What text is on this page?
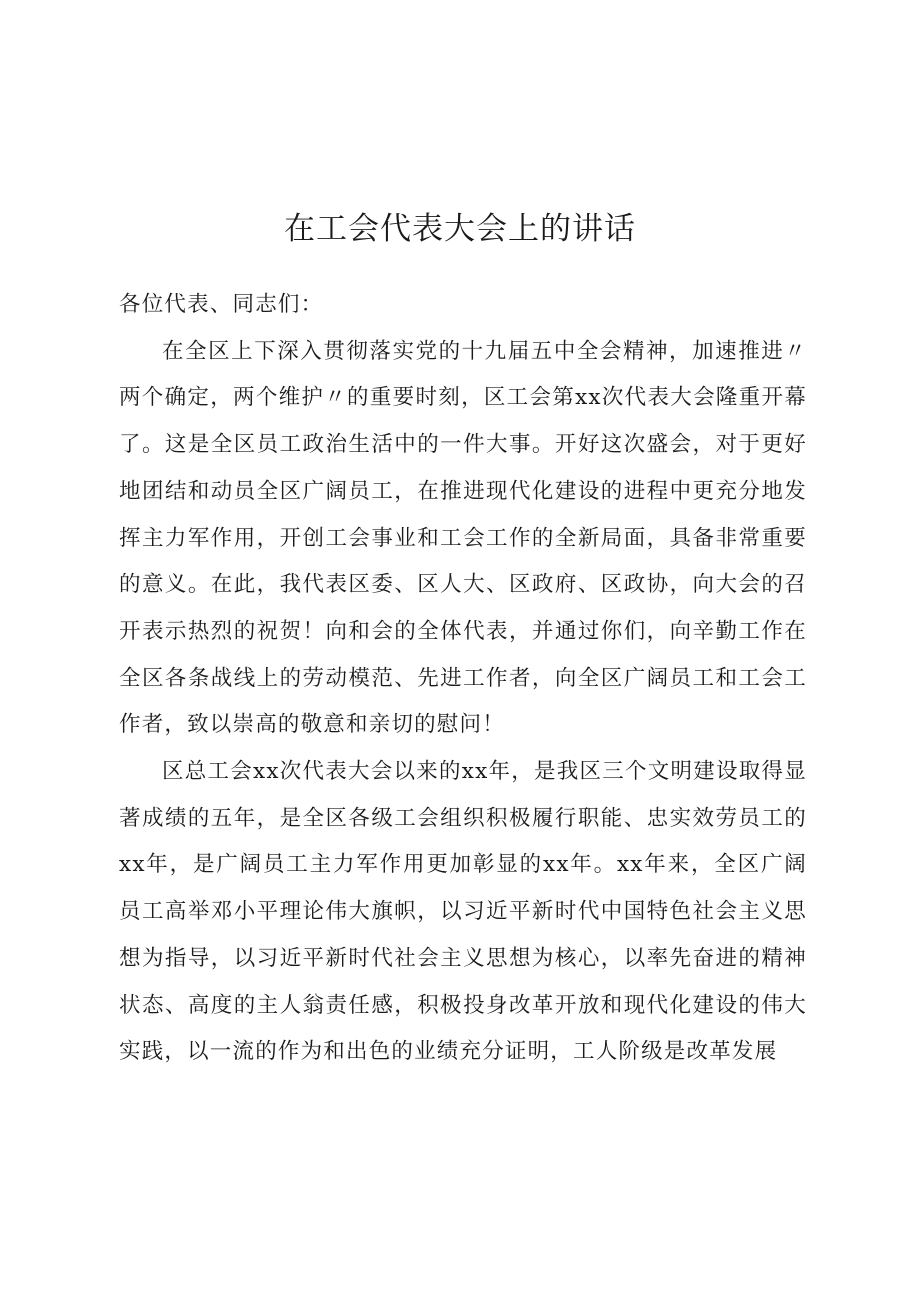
在工会代表大会上的讲话

各位代表、同志们：

在全区上下深入贯彻落实党的十九届五中全会精神，加速推进〃两个确定，两个维护〃的重要时刻，区工会第xx次代表大会隆重开幕了。这是全区员工政治生活中的一件大事。开好这次盛会，对于更好地团结和动员全区广阔员工，在推进现代化建设的进程中更充分地发挥主力军作用，开创工会事业和工会工作的全新局面，具备非常重要的意义。在此，我代表区委、区人大、区政府、区政协，向大会的召开表示热烈的祝贺！向和会的全体代表，并通过你们，向辛勤工作在全区各条战线上的劳动模范、先进工作者，向全区广阔员工和工会工作者，致以崇高的敬意和亲切的慰问！

区总工会xx次代表大会以来的xx年，是我区三个文明建设取得显著成绩的五年，是全区各级工会组织积极履行职能、忠实效劳员工的xx年，是广阔员工主力军作用更加彰显的xx年。xx年来，全区广阔员工高举邓小平理论伟大旗帜，以习近平新时代中国特色社会主义思想为指导，以习近平新时代社会主义思想为核心，以率先奋进的精神状态、高度的主人翁责任感，积极投身改革开放和现代化建设的伟大实践，以一流的作为和出色的业绩充分证明，工人阶级是改革发展
